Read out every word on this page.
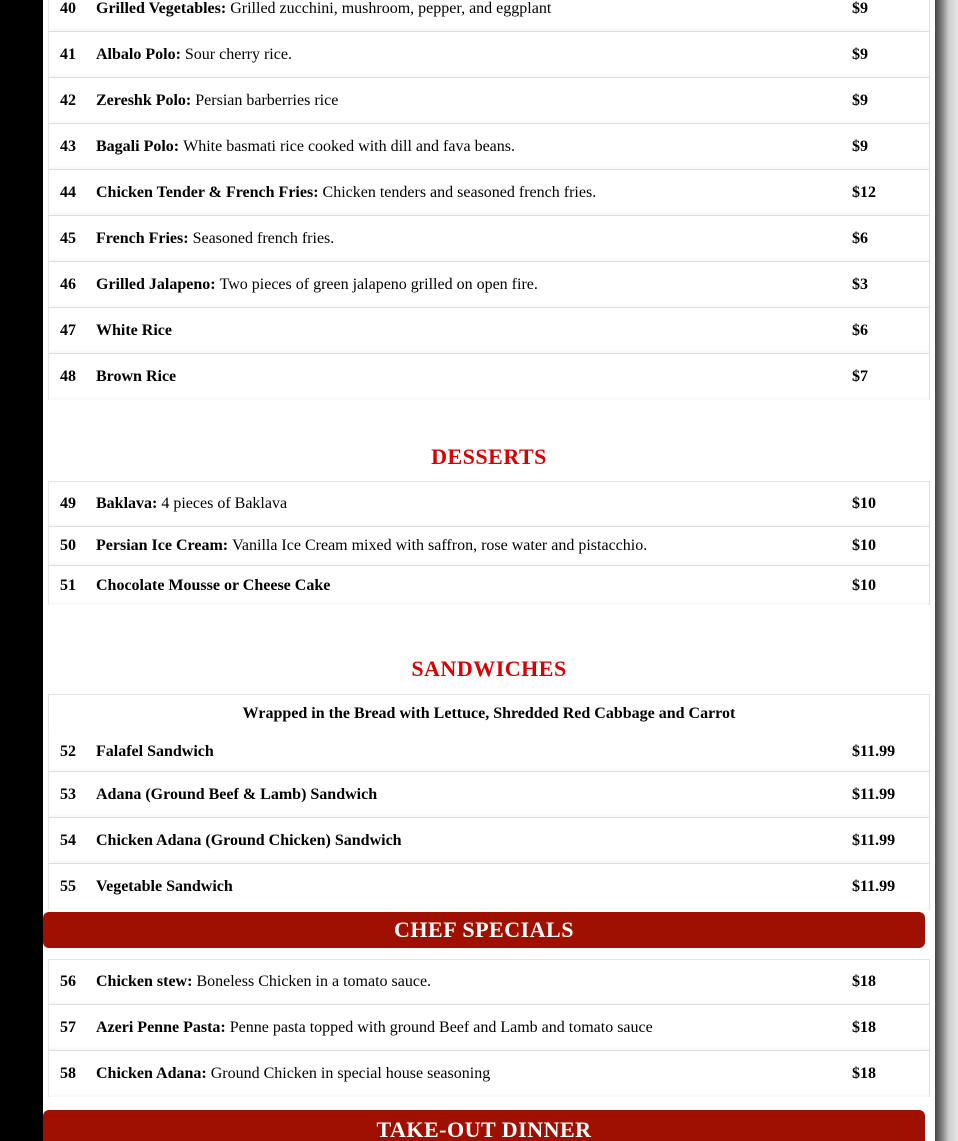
40 Grilled Vegetables: Grilled zucchini, mushroom, pepper, and eggplant	$9
41 Albalo Polo: Sour cherry rice.	$9
42 Zereshk Polo: Persian barberries rice	$9
43 Bagali Polo: White basmati rice cooked with dill and fava beans.	$9
44 Chicken Tender & French Fries: Chicken tenders and seasoned french fries.	$12
45 French Fries: Seasoned french fries.	$6
46 Grilled Jalapeno: Two pieces of green jalapeno grilled on open fire.	$3
47 White Rice	$6
48 Brown Rice	$7
DESSERTS
49 Baklava: 4 pieces of Baklava	$10
50 Persian Ice Cream: Vanilla Ice Cream mixed with saffron, rose water and pistacchio.	$10
51 Chocolate Mousse or Cheese Cake	$10
SANDWICHES
Wrapped in the Bread with Lettuce, Shredded Red Cabbage and Carrot
52 Falafel Sandwich	$11.99
53 Adana (Ground Beef & Lamb) Sandwich	$11.99
54 Chicken Adana (Ground Chicken) Sandwich	$11.99
55 Vegetable Sandwich	$11.99
CHEF SPECIALS
56 Chicken stew: Boneless Chicken in a tomato sauce.	$18
57 Azeri Penne Pasta: Penne pasta topped with ground Beef and Lamb and tomato sauce	$18
58 Chicken Adana: Ground Chicken in special house seasoning	$18
TAKE-OUT DINNER
